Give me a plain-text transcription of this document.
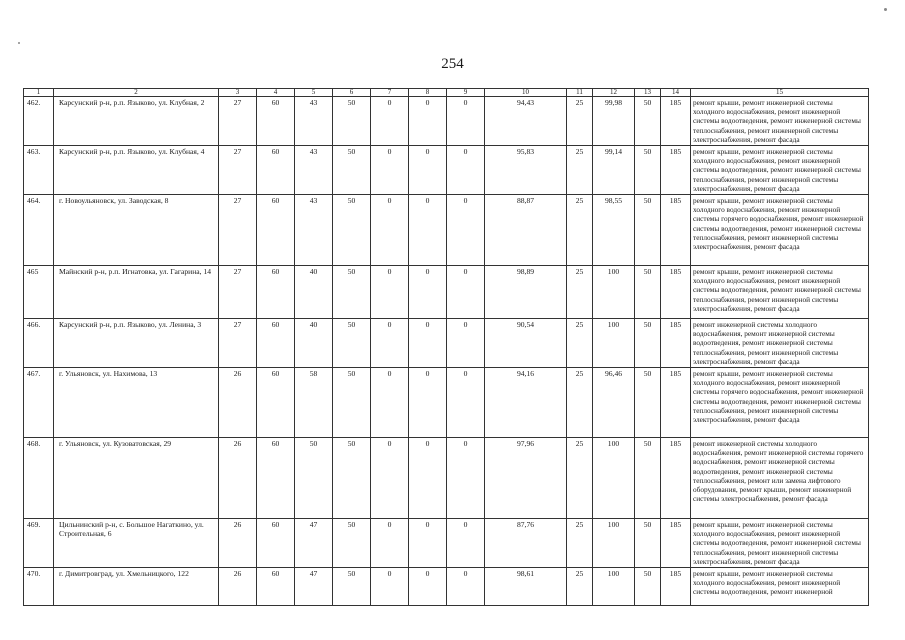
254
1	2	3	4	5	6	7	8	9	10	11	12	13	14	15
462.	Карсунский р-н, р.п. Языково, ул. Клубная, 2	27	60	43	50	0	0	0	94,43	25	99,98	50	185	ремонт крыши, ремонт инженерной системы холодного водоснабжения, ремонт инженерной системы водоотведения, ремонт инженерной системы теплоснабжения, ремонт инженерной системы электроснабжения, ремонт фасада
463.	Карсунский р-н, р.п. Языково, ул. Клубная, 4	27	60	43	50	0	0	0	95,83	25	99,14	50	185	ремонт крыши, ремонт инженерной системы холодного водоснабжения, ремонт инженерной системы водоотведения, ремонт инженерной системы теплоснабжения, ремонт инженерной системы электроснабжения, ремонт фасада
464.	г. Новоульяновск, ул. Заводская, 8	27	60	43	50	0	0	0	88,87	25	98,55	50	185	ремонт крыши, ремонт инженерной системы холодного водоснабжения, ремонт инженерной системы горячего водоснабжения, ремонт инженерной системы водоотведения, ремонт инженерной системы теплоснабжения, ремонт инженерной системы электроснабжения, ремонт фасада
465	Майнский р-н, р.п. Игнатовка, ул. Гагарина, 14	27	60	40	50	0	0	0	98,89	25	100	50	185	ремонт крыши, ремонт инженерной системы холодного водоснабжения, ремонт инженерной системы водоотведения, ремонт инженерной системы теплоснабжения, ремонт инженерной системы электроснабжения, ремонт фасада
466.	Карсунский р-н, р.п. Языково, ул. Ленина, 3	27	60	40	50	0	0	0	90,54	25	100	50	185	ремонт инженерной системы холодного водоснабжения, ремонт инженерной системы водоотведения, ремонт инженерной системы теплоснабжения, ремонт инженерной системы электроснабжения, ремонт фасада
467.	г. Ульяновск, ул. Нахимова, 13	26	60	58	50	0	0	0	94,16	25	96,46	50	185	ремонт крыши, ремонт инженерной системы холодного водоснабжения, ремонт инженерной системы горячего водоснабжения, ремонт инженерной системы водоотведения, ремонт инженерной системы теплоснабжения, ремонт инженерной системы электроснабжения, ремонт фасада
468.	г. Ульяновск, ул. Кузоватовская, 29	26	60	50	50	0	0	0	97,96	25	100	50	185	ремонт инженерной системы холодного водоснабжения, ремонт инженерной системы горячего водоснабжения, ремонт инженерной системы водоотведения, ремонт инженерной системы теплоснабжения, ремонт или замена лифтового оборудования, ремонт крыши, ремонт инженерной системы электроснабжения, ремонт фасада
469.	Цильнинский р-н, с. Большое Нагаткино, ул. Строительная, 6	26	60	47	50	0	0	0	87,76	25	100	50	185	ремонт крыши, ремонт инженерной системы холодного водоснабжения, ремонт инженерной системы водоотведения, ремонт инженерной системы теплоснабжения, ремонт инженерной системы электроснабжения, ремонт фасада
470.	г. Димитровград, ул. Хмельницкого, 122	26	60	47	50	0	0	0	98,61	25	100	50	185	ремонт крыши, ремонт инженерной системы холодного водоснабжения, ремонт инженерной системы водоотведения, ремонт инженерной
